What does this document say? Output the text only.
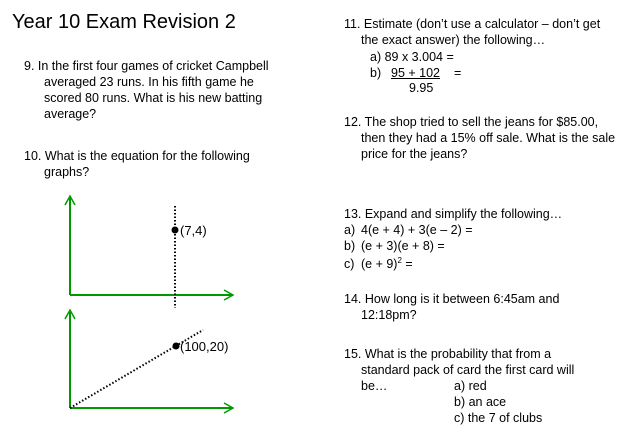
Year 10 Exam Revision 2
9. In the first four games of cricket Campbell
averaged 23 runs. In his fifth game he
scored 80 runs. What is his new batting
average?
10. What is the equation for the following
graphs?
(7,4)
(100,20)
11. Estimate (don’t use a calculator – don’t get
the exact answer) the following…
a) 89 x 3.004 =
b) 95 + 102 =
9.95
12. The shop tried to sell the jeans for $85.00,
then they had a 15% off sale. What is the sale
price for the jeans?
13. Expand and simplify the following…
a) 4(e + 4) + 3(e – 2) =
b) (e + 3)(e + 8) =
c) $(e + 9)^2$ =
14. How long is it between 6:45am and
12:18pm?
15. What is the probability that from a
standard pack of card the first card will
be…	a) red
b) an ace
c) the 7 of clubs
